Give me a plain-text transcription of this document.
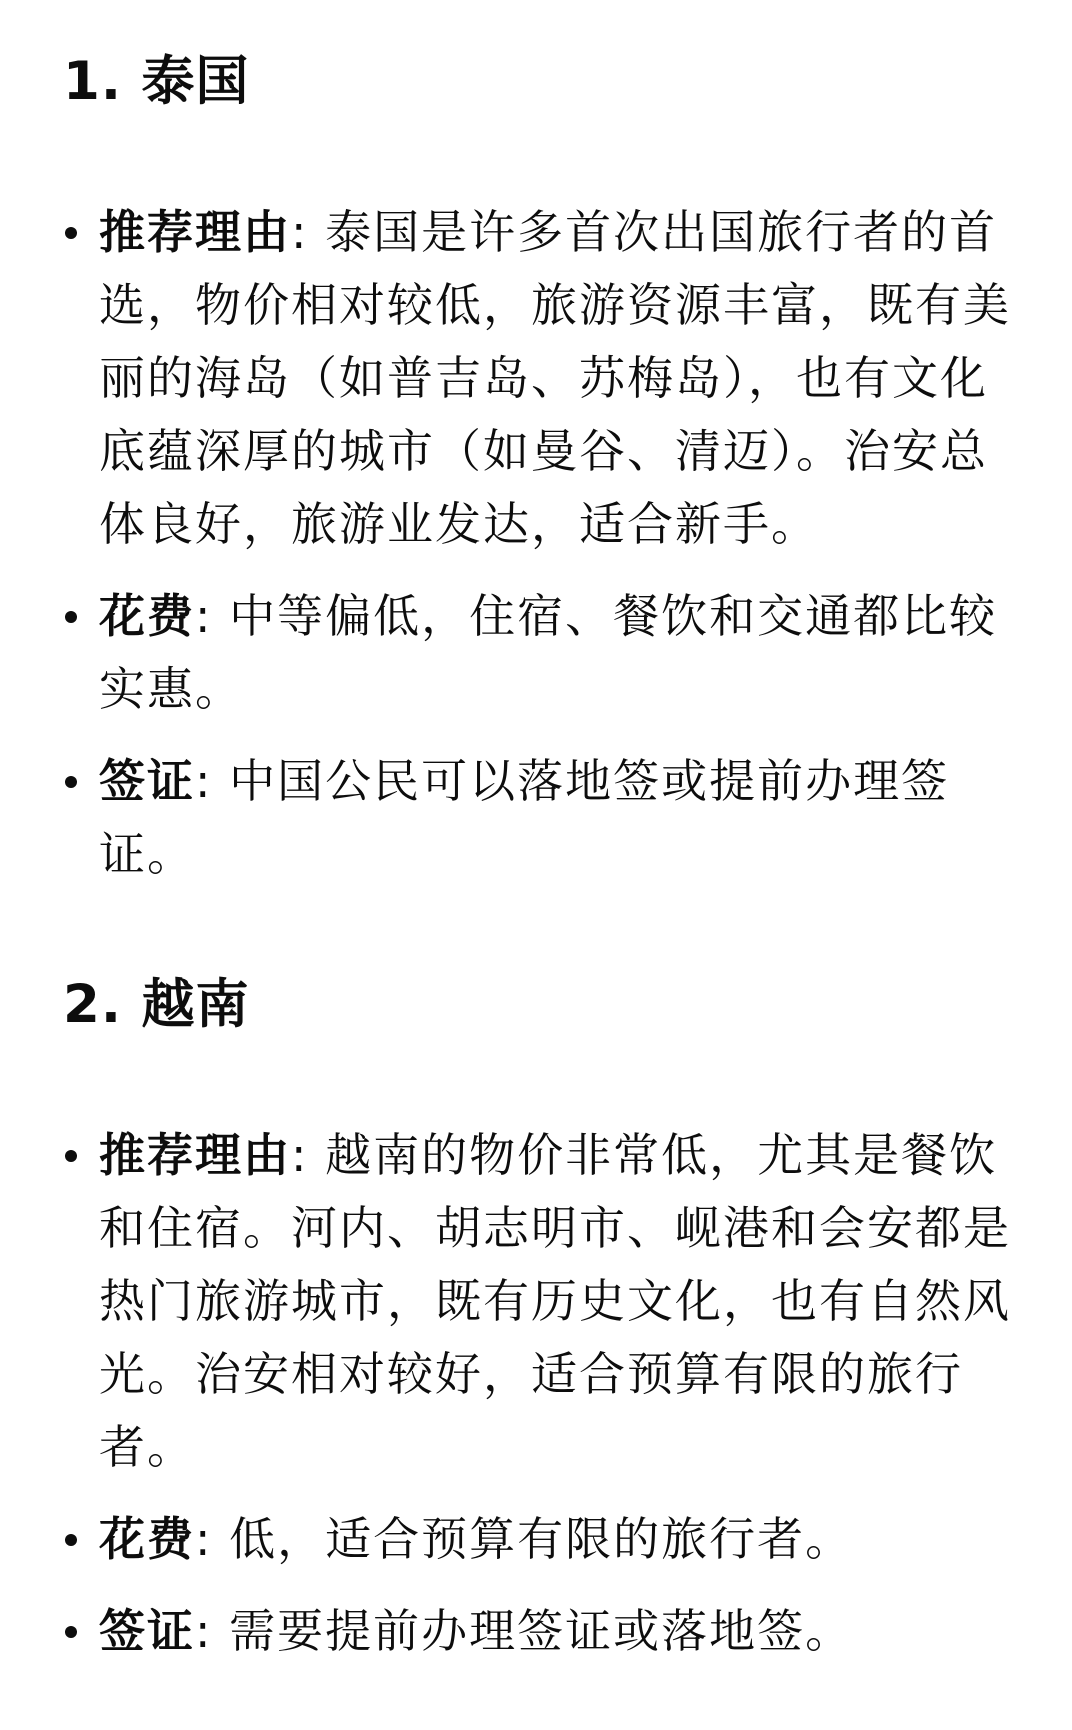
1. 泰国
推荐理由: 泰国是许多首次出国旅行者的首选，物价相对较低，旅游资源丰富，既有美丽的海岛（如普吉岛、苏梅岛），也有文化底蕴深厚的城市（如曼谷、清迈）。治安总体良好，旅游业发达，适合新手。
花费: 中等偏低，住宿、餐饮和交通都比较实惠。
签证: 中国公民可以落地签或提前办理签证。
2. 越南
推荐理由: 越南的物价非常低，尤其是餐饮和住宿。河内、胡志明市、岘港和会安都是热门旅游城市，既有历史文化，也有自然风光。治安相对较好，适合预算有限的旅行者。
花费: 低，适合预算有限的旅行者。
签证: 需要提前办理签证或落地签。
